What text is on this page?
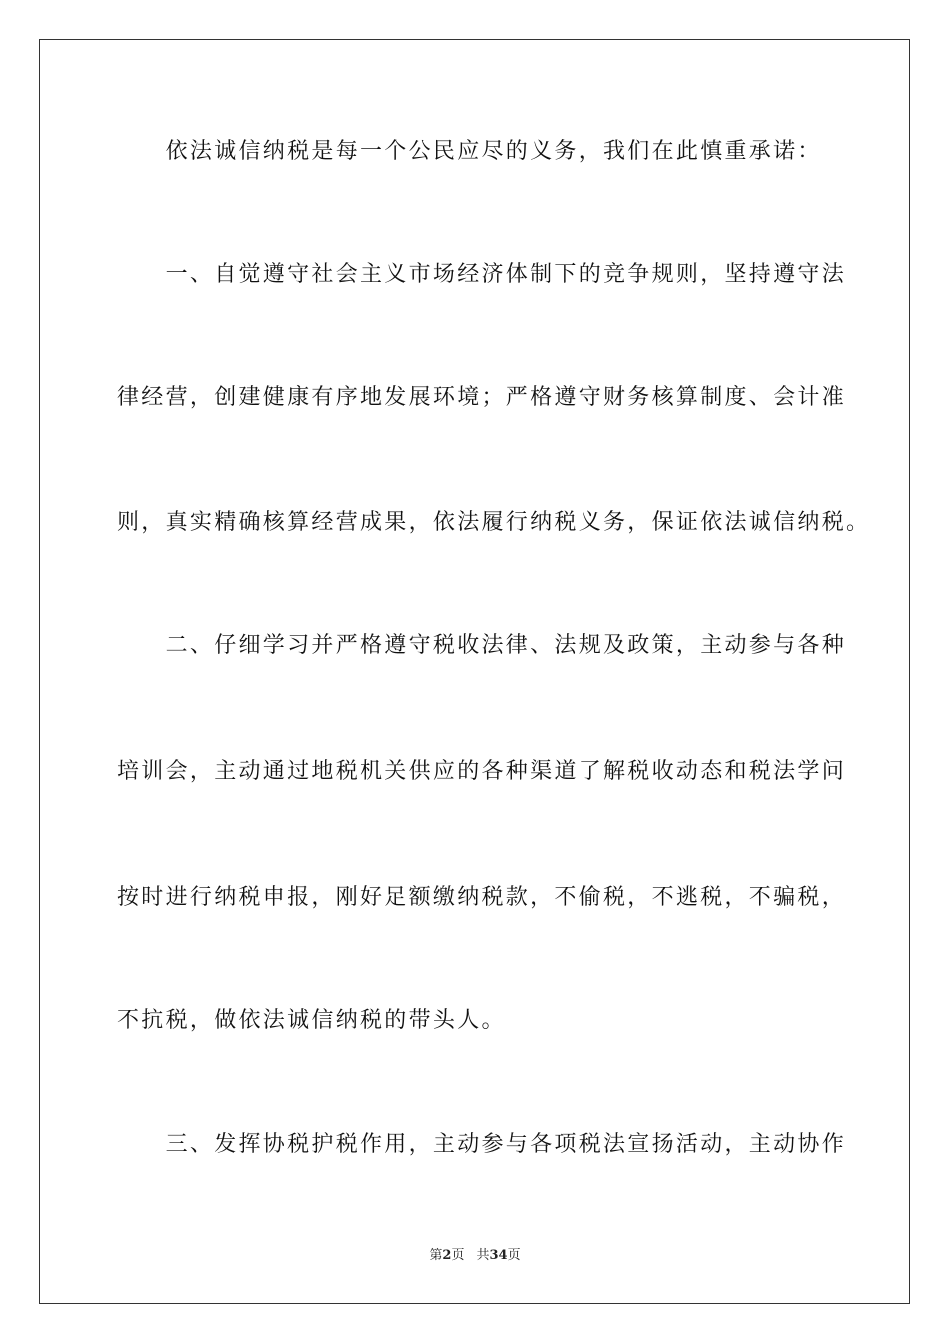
　　依法诚信纳税是每一个公民应尽的义务，我们在此慎重承诺：
　　一、自觉遵守社会主义市场经济体制下的竞争规则，坚持遵守法
律经营，创建健康有序地发展环境；严格遵守财务核算制度、会计准
则，真实精确核算经营成果，依法履行纳税义务，保证依法诚信纳税。
　　二、仔细学习并严格遵守税收法律、法规及政策，主动参与各种
培训会，主动通过地税机关供应的各种渠道了解税收动态和税法学问
按时进行纳税申报，刚好足额缴纳税款，不偷税，不逃税，不骗税，
不抗税，做依法诚信纳税的带头人。
　　三、发挥协税护税作用，主动参与各项税法宣扬活动，主动协作
第2页 共34页
